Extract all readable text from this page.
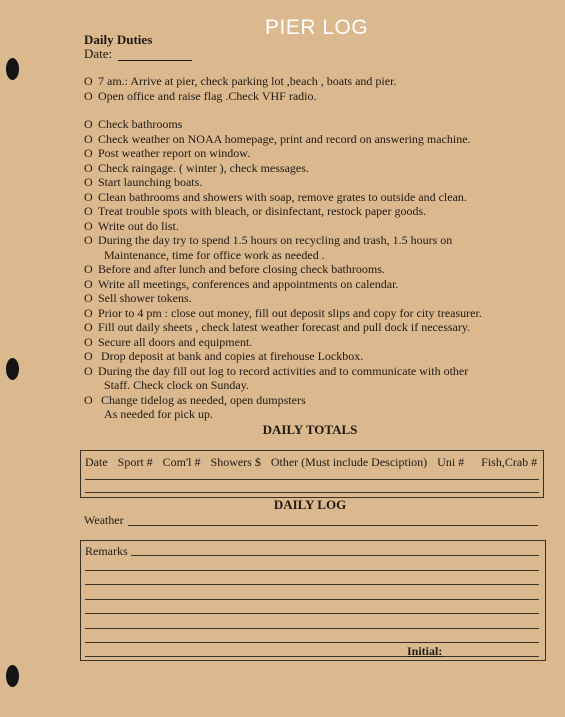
PIER LOG
Daily Duties
Date:
O 7 am.: Arrive at pier, check parking lot ,beach , boats and pier.
O Open office and raise flag .Check VHF radio.
O Check bathrooms
O Check weather on NOAA homepage, print and record on answering machine.
O Post weather report on window.
O Check raingage. ( winter ), check messages.
O Start launching boats.
O Clean bathrooms and showers with soap, remove grates to outside and clean.
O Treat trouble spots with bleach, or disinfectant, restock paper goods.
O Write out do list.
O During the day try to spend 1.5 hours on recycling and trash, 1.5 hours on
Maintenance, time for office work as needed .
O Before and after lunch and before closing check bathrooms.
O Write all meetings, conferences and appointments on calendar.
O Sell shower tokens.
O Prior to 4 pm : close out money, fill out deposit slips and copy for city treasurer.
O Fill out daily sheets , check latest weather forecast and pull dock if necessary.
O Secure all doors and equipment.
O Drop deposit at bank and copies at firehouse Lockbox.
O During the day fill out log to record activities and to communicate with other
Staff. Check clock on Sunday.
O Change tidelog as needed, open dumpsters
As needed for pick up.
DAILY TOTALS
Date Sport # Com'l # Showers $ Other (Must include Desciption) Uni # Fish,Crab #
DAILY LOG
Weather
Remarks
Initial:
